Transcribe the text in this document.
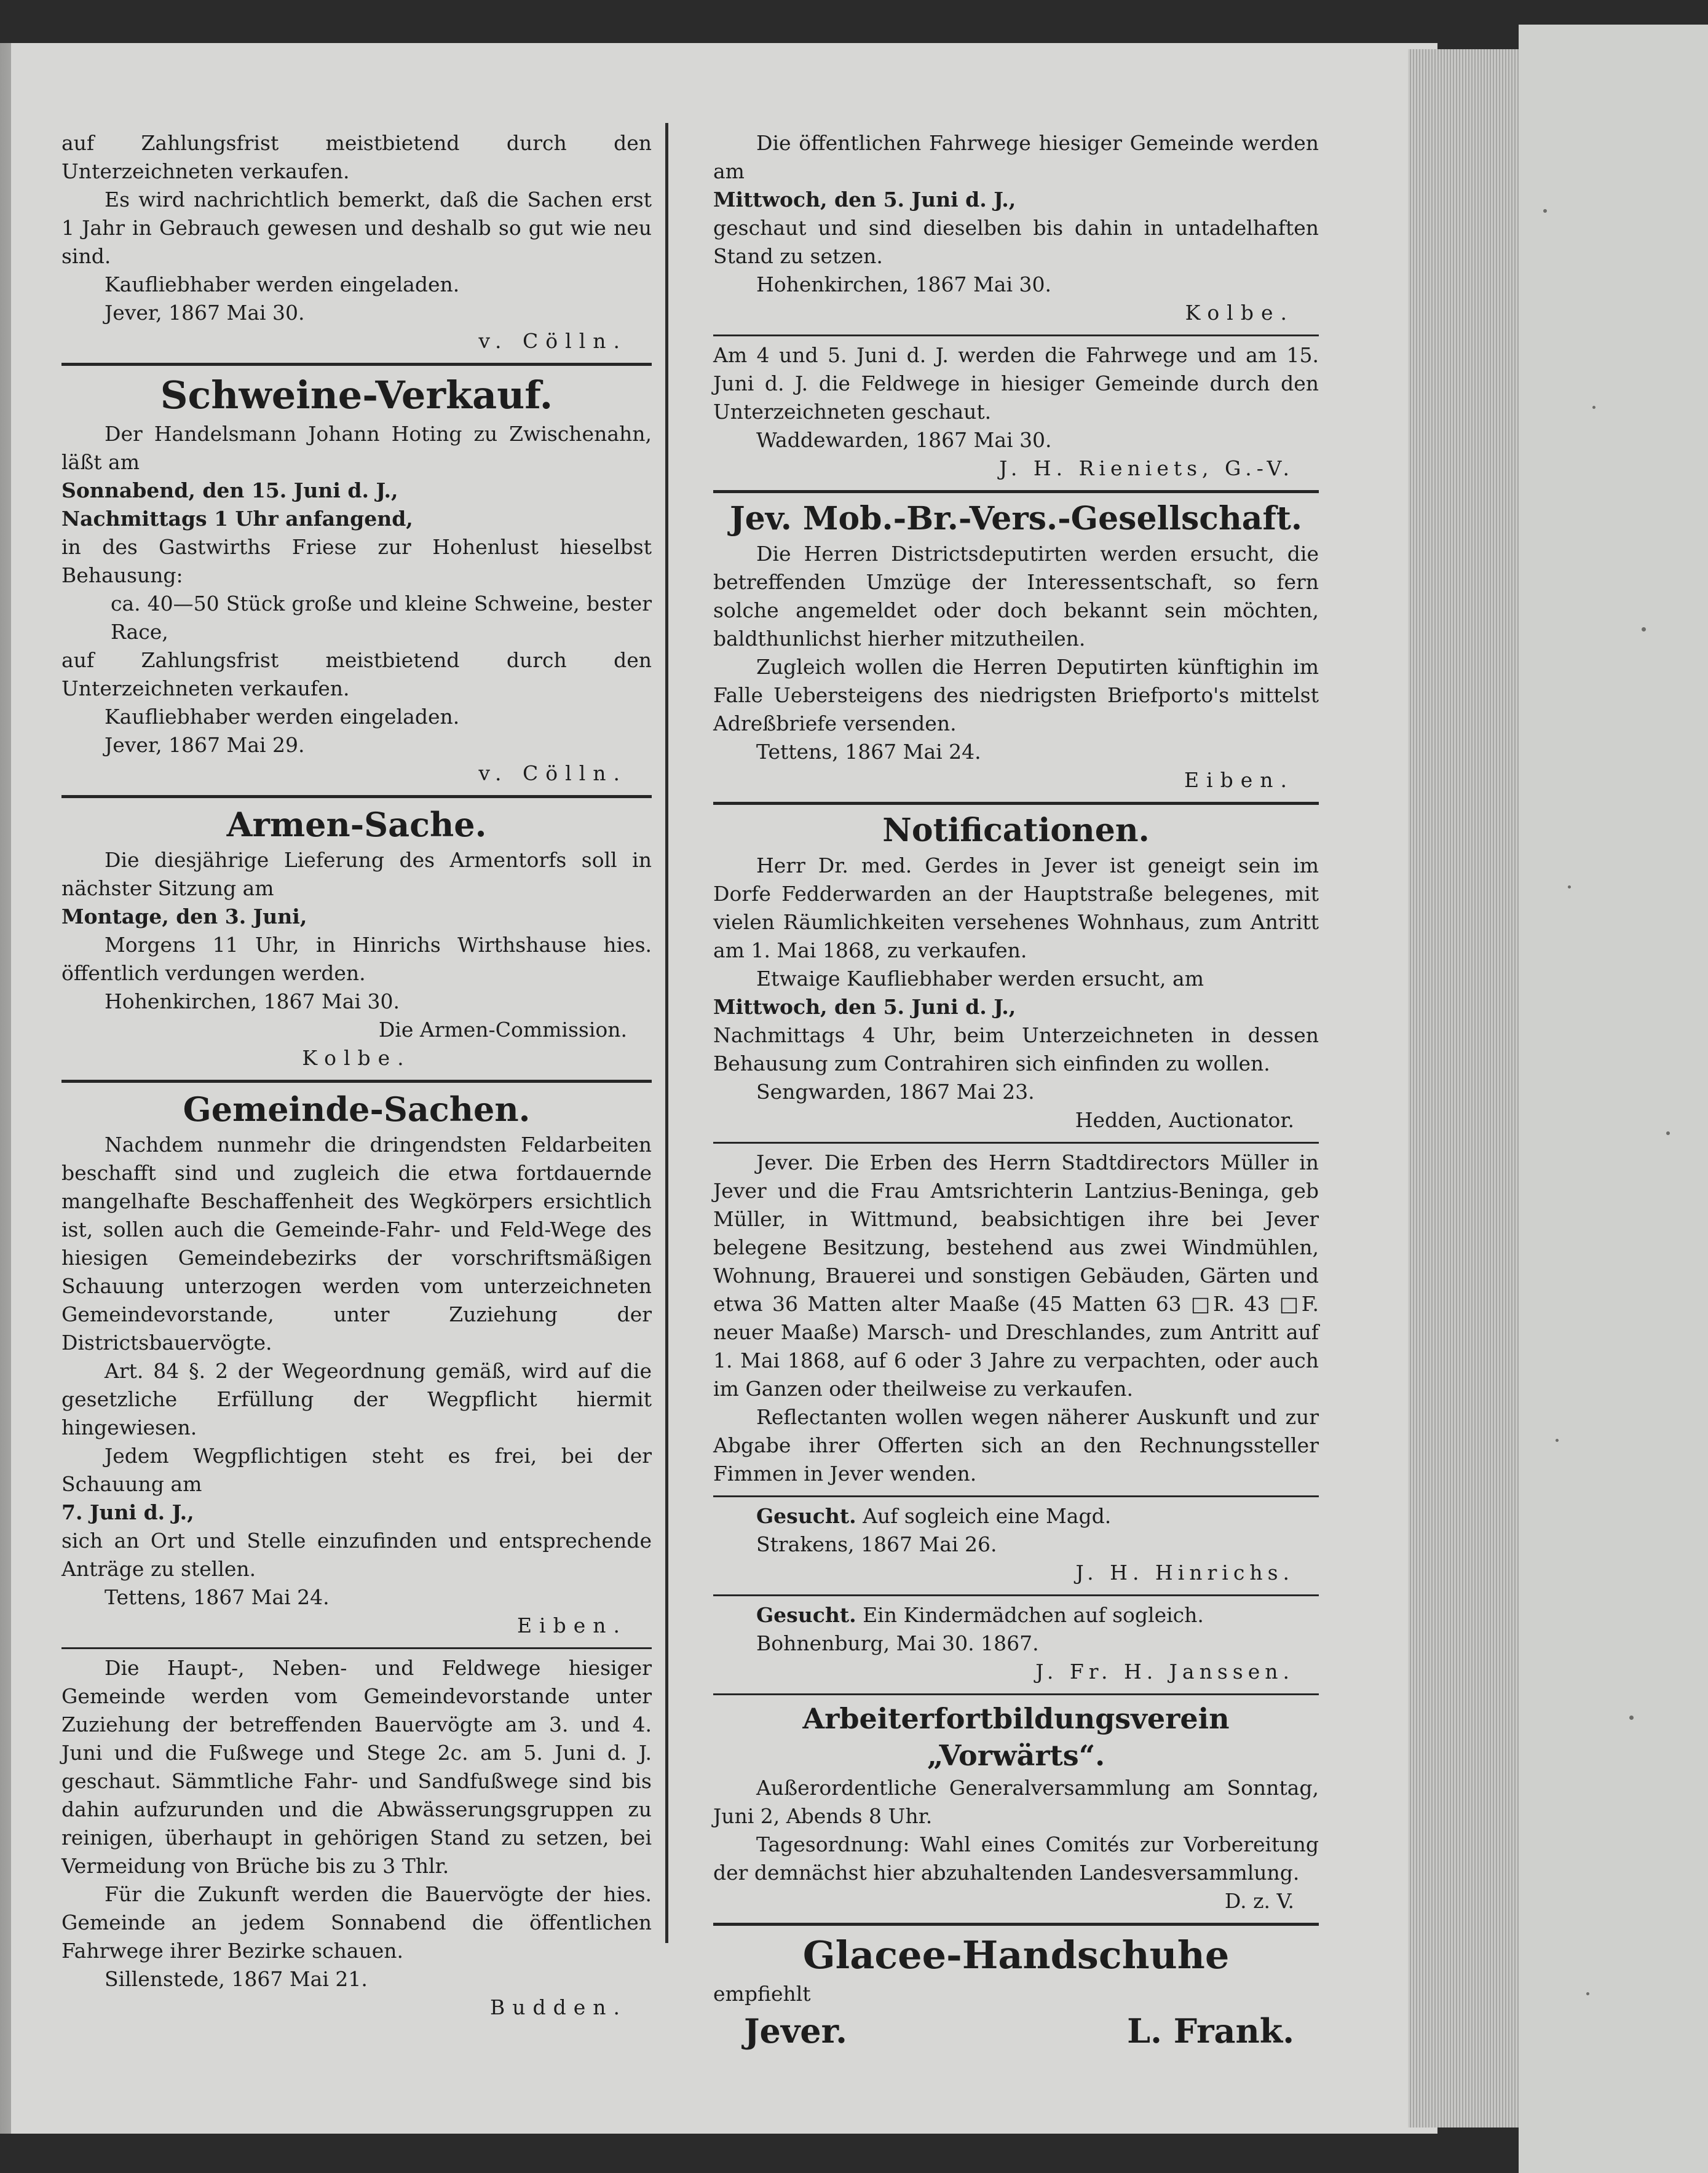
auf Zahlungsfrist meistbietend durch den Unterzeichneten verkaufen.

Es wird nachrichtlich bemerkt, daß die Sachen erst 1 Jahr in Gebrauch gewesen und deshalb so gut wie neu sind.

Kaufliebhaber werden eingeladen.

Jever, 1867 Mai 30.

v. Cölln.

Schweine-Verkauf.

Der Handelsmann Johann Hoting zu Zwischenahn, läßt am

Sonnabend, den 15. Juni d. J.,

Nachmittags 1 Uhr anfangend,

in des Gastwirths Friese zur Hohenlust hieselbst Behausung:

ca. 40—50 Stück große und kleine Schweine, bester Race,

auf Zahlungsfrist meistbietend durch den Unterzeichneten verkaufen.

Kaufliebhaber werden eingeladen.

Jever, 1867 Mai 29.

v. Cölln.

Armen-Sache.

Die diesjährige Lieferung des Armentorfs soll in nächster Sitzung am

Montage, den 3. Juni,

Morgens 11 Uhr, in Hinrichs Wirthshause hies. öffentlich verdungen werden.

Hohenkirchen, 1867 Mai 30.

Die Armen-Commission.

Kolbe.

Gemeinde-Sachen.

Nachdem nunmehr die dringendsten Feldarbeiten beschafft sind und zugleich die etwa fortdauernde mangelhafte Beschaffenheit des Wegkörpers ersichtlich ist, sollen auch die Gemeinde-Fahr- und Feld-Wege des hiesigen Gemeindebezirks der vorschriftsmäßigen Schauung unterzogen werden vom unterzeichneten Gemeindevorstande, unter Zuziehung der Districtsbauervögte.

Art. 84 §. 2 der Wegeordnung gemäß, wird auf die gesetzliche Erfüllung der Wegpflicht hiermit hingewiesen.

Jedem Wegpflichtigen steht es frei, bei der Schauung am

7. Juni d. J.,

sich an Ort und Stelle einzufinden und entsprechende Anträge zu stellen.

Tettens, 1867 Mai 24.

Eiben.

Die Haupt-, Neben- und Feldwege hiesiger Gemeinde werden vom Gemeindevorstande unter Zuziehung der betreffenden Bauervögte am 3. und 4. Juni und die Fußwege und Stege 2c. am 5. Juni d. J. geschaut. Sämmtliche Fahr- und Sandfußwege sind bis dahin aufzurunden und die Abwässerungsgruppen zu reinigen, überhaupt in gehörigen Stand zu setzen, bei Vermeidung von Brüche bis zu 3 Thlr.

Für die Zukunft werden die Bauervögte der hies. Gemeinde an jedem Sonnabend die öffentlichen Fahrwege ihrer Bezirke schauen.

Sillenstede, 1867 Mai 21.

Budden.

Die öffentlichen Fahrwege hiesiger Gemeinde werden am

Mittwoch, den 5. Juni d. J.,

geschaut und sind dieselben bis dahin in untadelhaften Stand zu setzen.

Hohenkirchen, 1867 Mai 30.

Kolbe.

Am 4 und 5. Juni d. J. werden die Fahrwege und am 15. Juni d. J. die Feldwege in hiesiger Gemeinde durch den Unterzeichneten geschaut.

Waddewarden, 1867 Mai 30.

J. H. Rieniets, G.-V.

Jev. Mob.-Br.-Vers.-Gesellschaft.

Die Herren Districtsdeputirten werden ersucht, die betreffenden Umzüge der Interessentschaft, so fern solche angemeldet oder doch bekannt sein möchten, baldthunlichst hierher mitzutheilen.

Zugleich wollen die Herren Deputirten künftighin im Falle Uebersteigens des niedrigsten Briefporto's mittelst Adreßbriefe versenden.

Tettens, 1867 Mai 24.

Eiben.

Notificationen.

Herr Dr. med. Gerdes in Jever ist geneigt sein im Dorfe Fedderwarden an der Hauptstraße belegenes, mit vielen Räumlichkeiten versehenes Wohnhaus, zum Antritt am 1. Mai 1868, zu verkaufen.

Etwaige Kaufliebhaber werden ersucht, am

Mittwoch, den 5. Juni d. J.,

Nachmittags 4 Uhr, beim Unterzeichneten in dessen Behausung zum Contrahiren sich einfinden zu wollen.

Sengwarden, 1867 Mai 23.

Hedden, Auctionator.

Jever. Die Erben des Herrn Stadtdirectors Müller in Jever und die Frau Amtsrichterin Lantzius-Beninga, geb Müller, in Wittmund, beabsichtigen ihre bei Jever belegene Besitzung, bestehend aus zwei Windmühlen, Wohnung, Brauerei und sonstigen Gebäuden, Gärten und etwa 36 Matten alter Maaße (45 Matten 63 □R. 43 □F. neuer Maaße) Marsch- und Dreschlandes, zum Antritt auf 1. Mai 1868, auf 6 oder 3 Jahre zu verpachten, oder auch im Ganzen oder theilweise zu verkaufen.

Reflectanten wollen wegen näherer Auskunft und zur Abgabe ihrer Offerten sich an den Rechnungssteller Fimmen in Jever wenden.

Gesucht. Auf sogleich eine Magd.

Strakens, 1867 Mai 26.

J. H. Hinrichs.

Gesucht. Ein Kindermädchen auf sogleich.

Bohnenburg, Mai 30. 1867.

J. Fr. H. Janssen.

Arbeiterfortbildungsverein
„Vorwärts“.

Außerordentliche Generalversammlung am Sonntag, Juni 2, Abends 8 Uhr.

Tagesordnung: Wahl eines Comités zur Vorbereitung der demnächst hier abzuhaltenden Landesversammlung.

D. z. V.

Glacee-Handschuhe

empfiehlt

Jever.	L. Frank.
